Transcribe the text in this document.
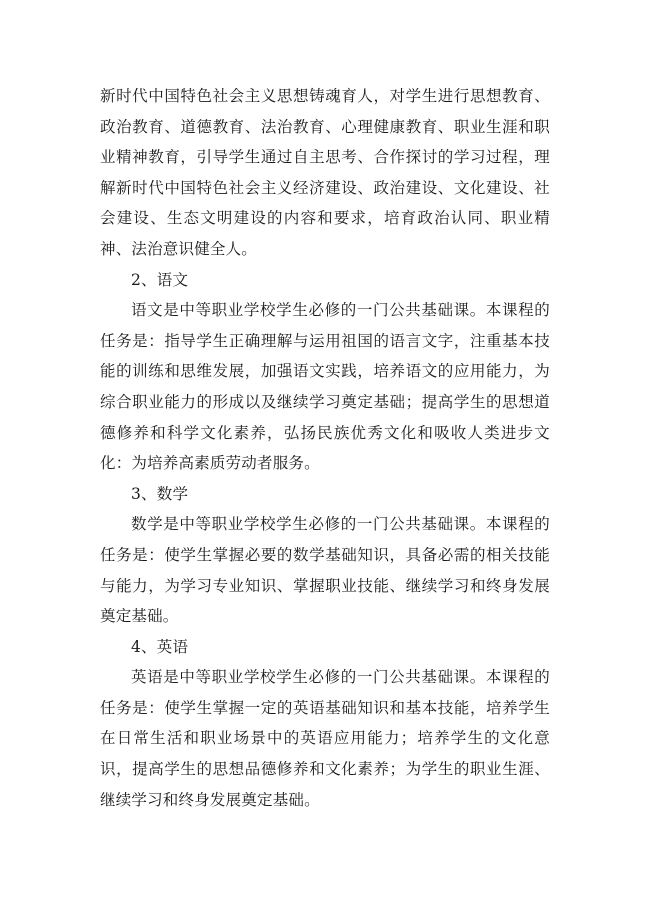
新时代中国特色社会主义思想铸魂育人，对学生进行思想教育、政治教育、道德教育、法治教育、心理健康教育、职业生涯和职业精神教育，引导学生通过自主思考、合作探讨的学习过程，理解新时代中国特色社会主义经济建设、政治建设、文化建设、社会建设、生态文明建设的内容和要求，培育政治认同、职业精神、法治意识健全人。

2、语文

语文是中等职业学校学生必修的一门公共基础课。本课程的任务是：指导学生正确理解与运用祖国的语言文字，注重基本技能的训练和思维发展，加强语文实践，培养语文的应用能力，为综合职业能力的形成以及继续学习奠定基础；提高学生的思想道德修养和科学文化素养，弘扬民族优秀文化和吸收人类进步文化：为培养高素质劳动者服务。

3、数学

数学是中等职业学校学生必修的一门公共基础课。本课程的任务是：使学生掌握必要的数学基础知识，具备必需的相关技能与能力，为学习专业知识、掌握职业技能、继续学习和终身发展奠定基础。

4、英语

英语是中等职业学校学生必修的一门公共基础课。本课程的任务是：使学生掌握一定的英语基础知识和基本技能，培养学生在日常生活和职业场景中的英语应用能力；培养学生的文化意识，提高学生的思想品德修养和文化素养；为学生的职业生涯、继续学习和终身发展奠定基础。
